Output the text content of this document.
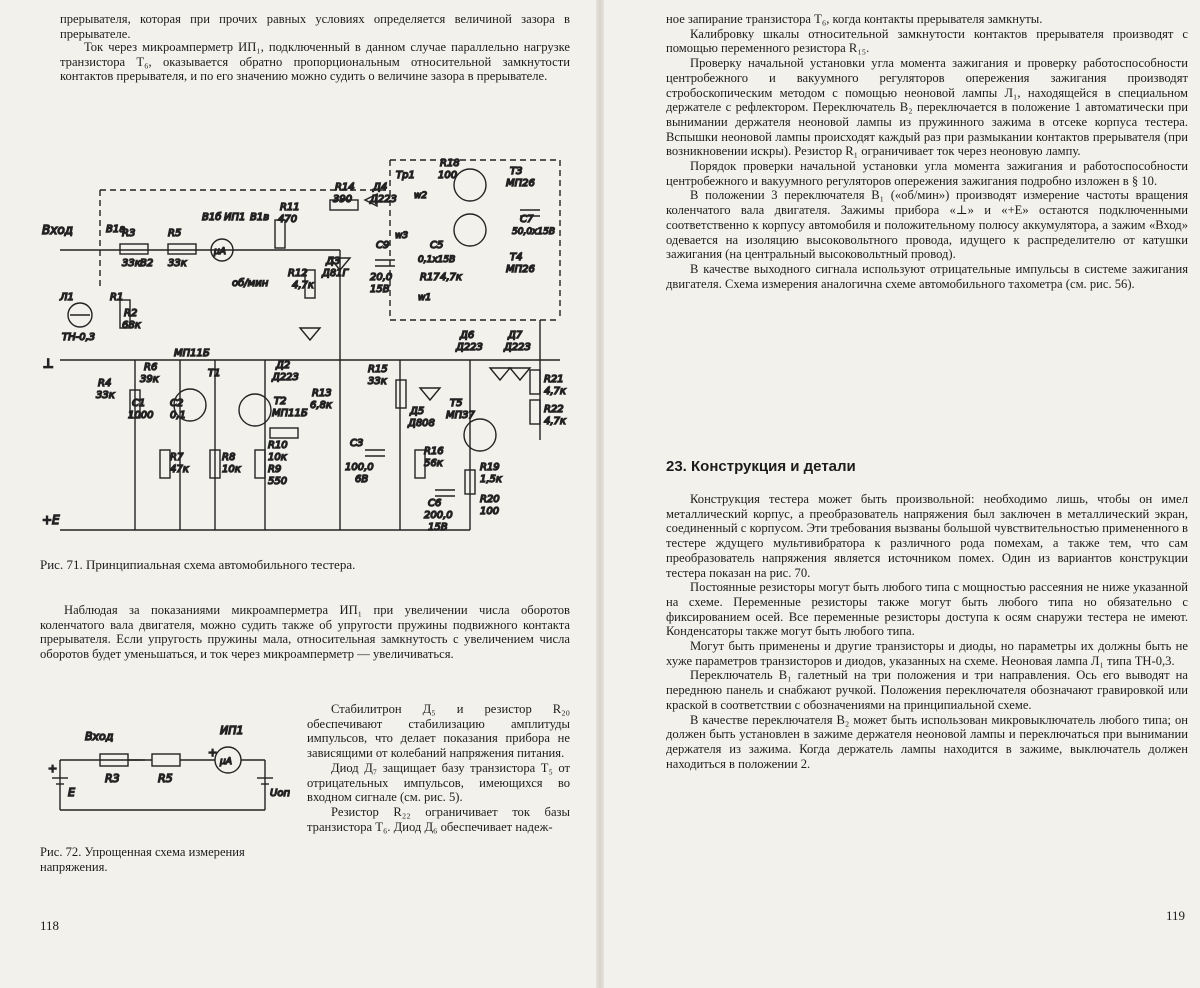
прерывателя, которая при прочих равных условиях определяется величиной зазора в прерывателе.

Ток через микроамперметр ИП₁, подключенный в данном случае параллельно нагрузке транзистора T₆, оказывается обратно пропорциональным относительной замкнутости контактов прерывателя, и по его значению можно судить о величине зазора в прерывателе.

Вход	В1а
R3
33к
R5
33к
В1б ИП1
μА
В1в
R11
470
R14
390
Д4
Д223
Тр1
w2
w3
w1
R18
100	Т3
МП26
C7
50,0х15В
Т4
МП26
C9
20,0
15В
C5
0,1х15В
R17 4,7к
Д3
Д81Г
R12
4,7к
В2
об/мин
Л1
ТН-0,3
R2
68к
R1
R4
33к
R6
39к
C1
1000
C2
0,1
Т1
МП11Б
Т2
МП11Б
Д2
Д223
R13
6,8к
R10
10к
R9
550
R7
47к
R8
10к
C3
100,0
6В
R15
33к
Д5
Д808
R16
56к
Д6
Д223
Д7
Д223
Т5
МП37
R21
4,7к
R22
4,7к
R19
1,5к
R20
100
C6
200,0
15В
+Е
┴

Рис. 71. Принципиальная схема автомобильного тестера.

Наблюдая за показаниями микроамперметра ИП₁ при увеличении числа оборотов коленчатого вала двигателя, можно судить также об упругости пружины подвижного контакта прерывателя. Если упругость пружины мала, относительная замкнутость с увеличением числа оборотов будет уменьшаться, и ток через микроамперметр — увеличиваться.

Вход	ИП1
μА
R3	R5
E	Uоп
+
+

Рис. 72. Упрощенная схема измерения напряжения.

Стабилитрон Д₅ и резистор R₂₀ обеспечивают стабилизацию амплитуды импульсов, что делает показания прибора не зависящими от колебаний напряжения питания.

Диод Д₇ защищает базу транзистора T₅ от отрицательных импульсов, имеющихся во входном сигнале (см. рис. 5).

Резистор R₂₂ ограничивает ток базы транзистора T₆. Диод Д₆ обеспечивает надеж-

118

ное запирание транзистора T₆, когда контакты прерывателя замкнуты.

Калибровку шкалы относительной замкнутости контактов прерывателя производят с помощью переменного резистора R₁₅.

Проверку начальной установки угла момента зажигания и проверку работоспособности центробежного и вакуумного регуляторов опережения зажигания производят стробоскопическим методом с помощью неоновой лампы Л₁, находящейся в специальном держателе с рефлектором. Переключатель B₂ переключается в положение 1 автоматически при вынимании держателя неоновой лампы из пружинного зажима в отсеке корпуса тестера. Вспышки неоновой лампы происходят каждый раз при размыкании контактов прерывателя (при возникновении искры). Резистор R₁ ограничивает ток через неоновую лампу.

Порядок проверки начальной установки угла момента зажигания и работоспособности центробежного и вакуумного регуляторов опережения зажигания подробно изложен в § 10.

В положении 3 переключателя B₁ («об/мин») производят измерение частоты вращения коленчатого вала двигателя. Зажимы прибора «⊥» и «+Е» остаются подключенными соответственно к корпусу автомобиля и положительному полюсу аккумулятора, а зажим «Вход» одевается на изоляцию высоковольтного провода, идущего к распределителю от катушки зажигания (на центральный высоковольтный провод).

В качестве выходного сигнала используют отрицательные импульсы в системе зажигания двигателя. Схема измерения аналогична схеме автомобильного тахометра (см. рис. 56).

23. Конструкция и детали

Конструкция тестера может быть произвольной: необходимо лишь, чтобы он имел металлический корпус, а преобразователь напряжения был заключен в металлический экран, соединенный с корпусом. Эти требования вызваны большой чувствительностью примененного в тестере ждущего мультивибратора к различного рода помехам, а также тем, что сам преобразователь напряжения является источником помех. Один из вариантов конструкции тестера показан на рис. 70.

Постоянные резисторы могут быть любого типа с мощностью рассеяния не ниже указанной на схеме. Переменные резисторы также могут быть любого типа но обязательно с фиксированием осей. Все переменные резисторы доступа к осям снаружи тестера не имеют. Конденсаторы также могут быть любого типа.

Могут быть применены и другие транзисторы и диоды, но параметры их должны быть не хуже параметров транзисторов и диодов, указанных на схеме. Неоновая лампа Л₁ типа ТН-0,3.

Переключатель B₁ галетный на три положения и три направления. Ось его выводят на переднюю панель и снабжают ручкой. Положения переключателя обозначают гравировкой или краской в соответствии с обозначениями на принципиальной схеме.

В качестве переключателя B₂ может быть использован микровыключатель любого типа; он должен быть установлен в зажиме держателя неоновой лампы и переключаться при вынимании держателя из зажима. Когда держатель лампы находится в зажиме, выключатель должен находиться в положении 2.

119
